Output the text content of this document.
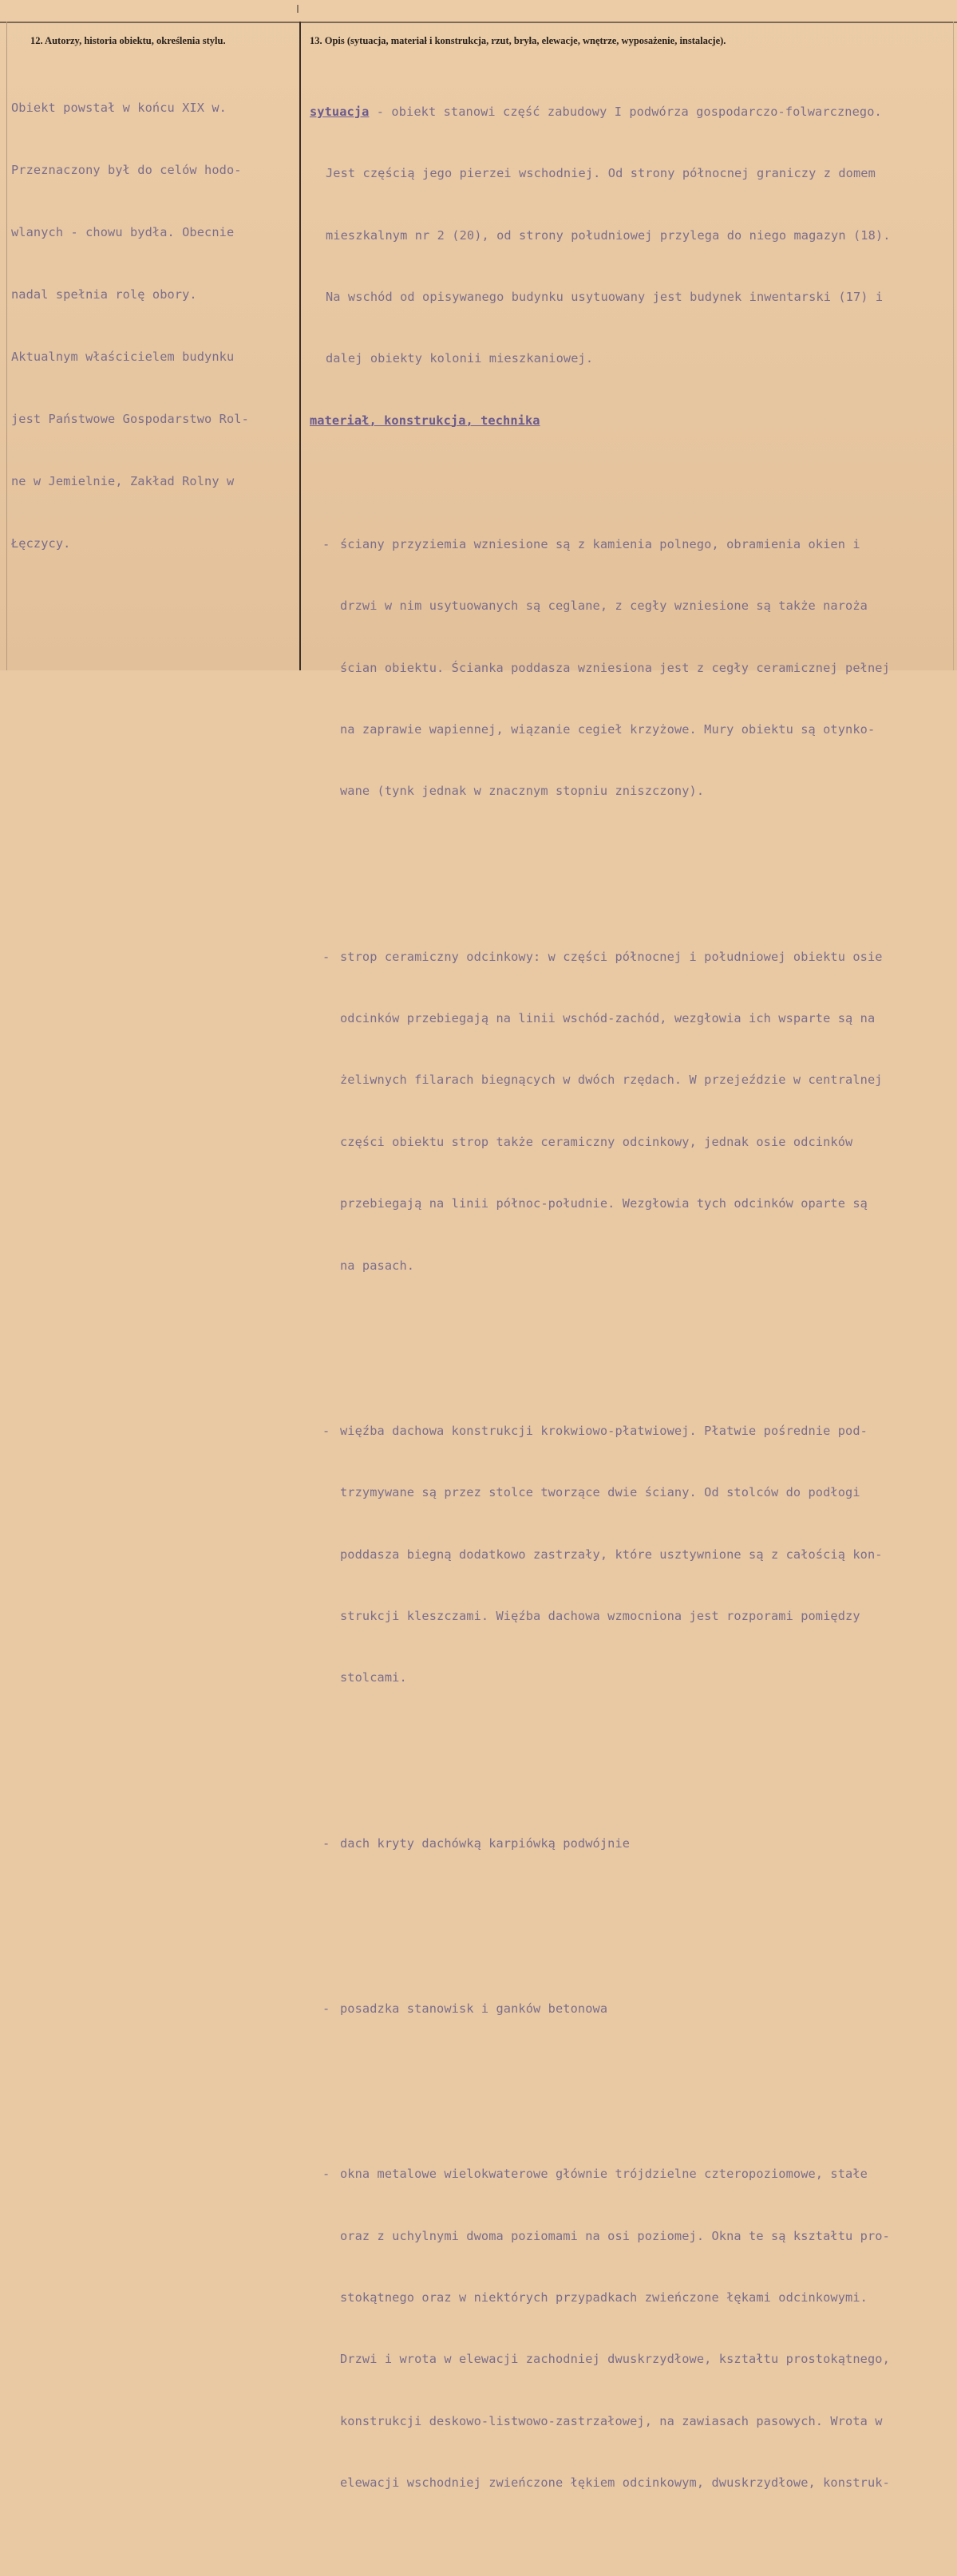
12. Autorzy, historia obiektu, określenia stylu.	13. Opis (sytuacja, materiał i konstrukcja, rzut, bryła, elewacje, wnętrze, wyposażenie, instalacje).

Obiekt powstał w końcu XIX w.

Przeznaczony był do celów hodo-

wlanych - chowu bydła. Obecnie

nadal spełnia rolę obory.

Aktualnym właścicielem budynku

jest Państwowe Gospodarstwo Rol-

ne w Jemielnie, Zakład Rolny w

Łęczycy.

sytuacja - obiekt stanowi część zabudowy I podwórza gospodarczo-folwarcznego.

Jest częścią jego pierzei wschodniej. Od strony północnej graniczy z domem

mieszkalnym nr 2 (20), od strony południowej przylega do niego magazyn (18).

Na wschód od opisywanego budynku usytuowany jest budynek inwentarski (17) i

dalej obiekty kolonii mieszkaniowej.

materiał, konstrukcja, technika

- ściany przyziemia wzniesione są z kamienia polnego, obramienia okien i

drzwi w nim usytuowanych są ceglane, z cegły wzniesione są także naroża

ścian obiektu. Ścianka poddasza wzniesiona jest z cegły ceramicznej pełnej

na zaprawie wapiennej, wiązanie cegieł krzyżowe. Mury obiektu są otynko-

wane (tynk jednak w znacznym stopniu zniszczony).

- strop ceramiczny odcinkowy: w części północnej i południowej obiektu osie

odcinków przebiegają na linii wschód-zachód, wezgłowia ich wsparte są na

żeliwnych filarach biegnących w dwóch rzędach. W przejeździe w centralnej

części obiektu strop także ceramiczny odcinkowy, jednak osie odcinków

przebiegają na linii północ-południe. Wezgłowia tych odcinków oparte są

na pasach.

- więźba dachowa konstrukcji krokwiowo-płatwiowej. Płatwie pośrednie pod-

trzymywane są przez stolce tworzące dwie ściany. Od stolców do podłogi

poddasza biegną dodatkowo zastrzały, które usztywnione są z całością kon-

strukcji kleszczami. Więźba dachowa wzmocniona jest rozporami pomiędzy

stolcami.

- dach kryty dachówką karpiówką podwójnie

- posadzka stanowisk i ganków betonowa

- okna metalowe wielokwaterowe głównie trójdzielne czteropoziomowe, stałe

oraz z uchylnymi dwoma poziomami na osi poziomej. Okna te są kształtu pro-

stokątnego oraz w niektórych przypadkach zwieńczone łękami odcinkowymi.

Drzwi i wrota w elewacji zachodniej dwuskrzydłowe, kształtu prostokątnego,

konstrukcji deskowo-listwowo-zastrzałowej, na zawiasach pasowych. Wrota w

elewacji wschodniej zwieńczone łękiem odcinkowym, dwuskrzydłowe, konstruk-
